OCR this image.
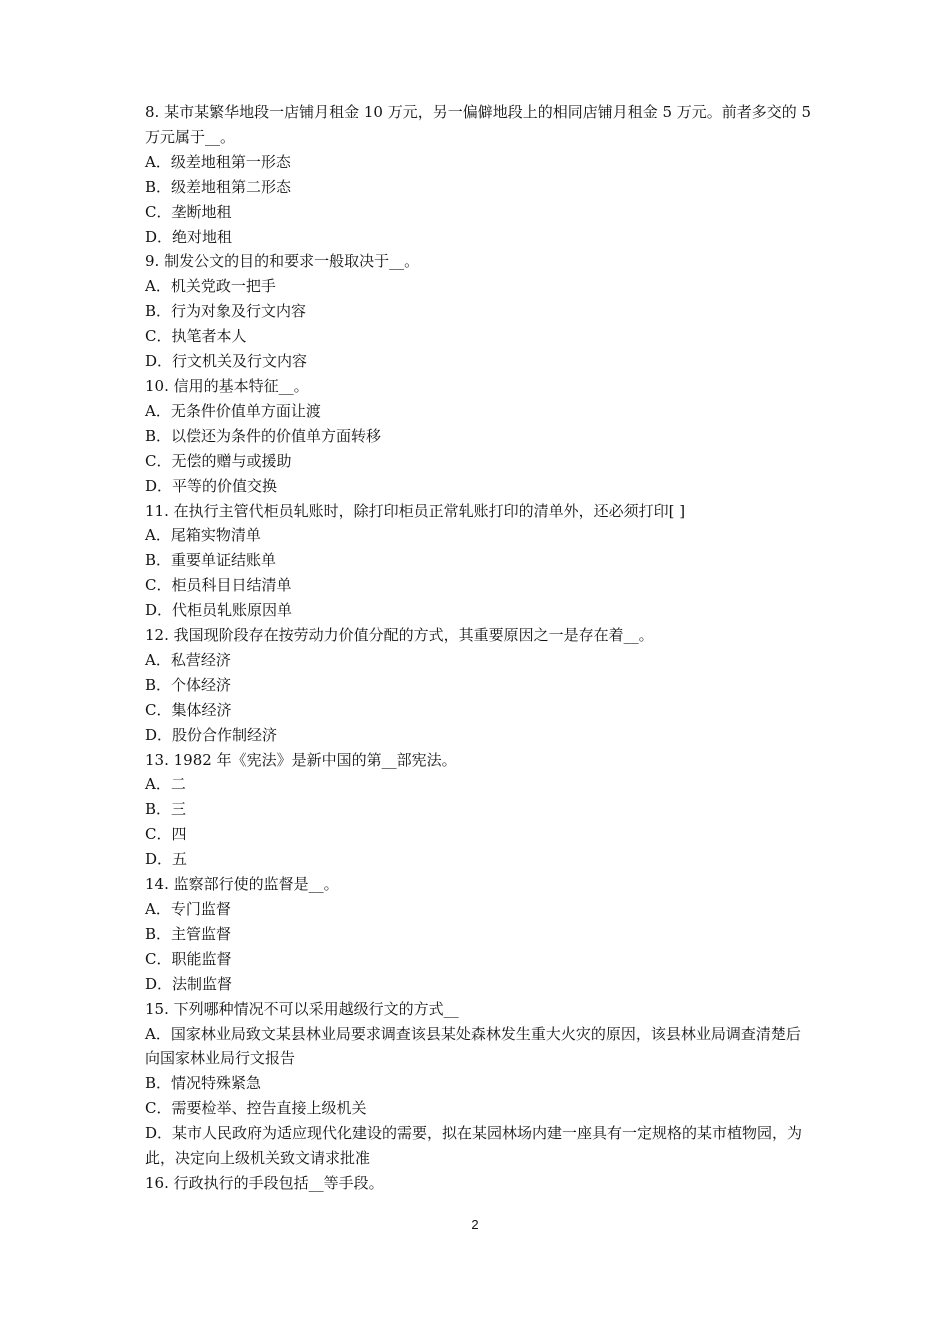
8. 某市某繁华地段一店铺月租金 10 万元，另一偏僻地段上的相同店铺月租金 5 万元。前者多交的 5 万元属于__。
A．级差地租第一形态
B．级差地租第二形态
C．垄断地租
D．绝对地租
9. 制发公文的目的和要求一般取决于__。
A．机关党政一把手
B．行为对象及行文内容
C．执笔者本人
D．行文机关及行文内容
10. 信用的基本特征__。
A．无条件价值单方面让渡
B．以偿还为条件的价值单方面转移
C．无偿的赠与或援助
D．平等的价值交换
11. 在执行主管代柜员轧账时，除打印柜员正常轧账打印的清单外，还必须打印[ ]
A．尾箱实物清单
B．重要单证结账单
C．柜员科目日结清单
D．代柜员轧账原因单
12. 我国现阶段存在按劳动力价值分配的方式，其重要原因之一是存在着__。
A．私营经济
B．个体经济
C．集体经济
D．股份合作制经济
13. 1982 年《宪法》是新中国的第__部宪法。
A．二
B．三
C．四
D．五
14. 监察部行使的监督是__。
A．专门监督
B．主管监督
C．职能监督
D．法制监督
15. 下列哪种情况不可以采用越级行文的方式__
A．国家林业局致文某县林业局要求调查该县某处森林发生重大火灾的原因，该县林业局调查清楚后向国家林业局行文报告
B．情况特殊紧急
C．需要检举、控告直接上级机关
D．某市人民政府为适应现代化建设的需要，拟在某园林场内建一座具有一定规格的某市植物园，为此，决定向上级机关致文请求批准
16. 行政执行的手段包括__等手段。
2
